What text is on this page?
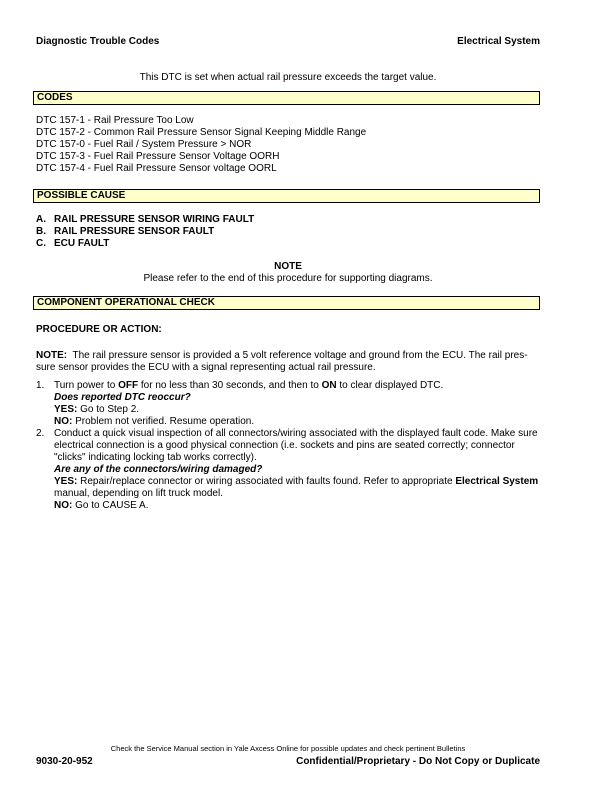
Diagnostic Trouble Codes	Electrical System
This DTC is set when actual rail pressure exceeds the target value.
CODES
DTC 157-1 - Rail Pressure Too Low
DTC 157-2 - Common Rail Pressure Sensor Signal Keeping Middle Range
DTC 157-0 - Fuel Rail / System Pressure > NOR
DTC 157-3 - Fuel Rail Pressure Sensor Voltage OORH
DTC 157-4 - Fuel Rail Pressure Sensor voltage OORL
POSSIBLE CAUSE
A. RAIL PRESSURE SENSOR WIRING FAULT
B. RAIL PRESSURE SENSOR FAULT
C. ECU FAULT
NOTE
Please refer to the end of this procedure for supporting diagrams.
COMPONENT OPERATIONAL CHECK
PROCEDURE OR ACTION:
NOTE: The rail pressure sensor is provided a 5 volt reference voltage and ground from the ECU. The rail pres-
sure sensor provides the ECU with a signal representing actual rail pressure.
1. Turn power to OFF for no less than 30 seconds, and then to ON to clear displayed DTC.
Does reported DTC reoccur?
YES: Go to Step 2.
NO: Problem not verified. Resume operation.
2. Conduct a quick visual inspection of all connectors/wiring associated with the displayed fault code. Make sure
electrical connection is a good physical connection (i.e. sockets and pins are seated correctly; connector
"clicks" indicating locking tab works correctly).
Are any of the connectors/wiring damaged?
YES: Repair/replace connector or wiring associated with faults found. Refer to appropriate Electrical System
manual, depending on lift truck model.
NO: Go to CAUSE A.
Check the Service Manual section in Yale Axcess Online for possible updates and check pertinent Bulletins
9030-20-952	Confidential/Proprietary - Do Not Copy or Duplicate
